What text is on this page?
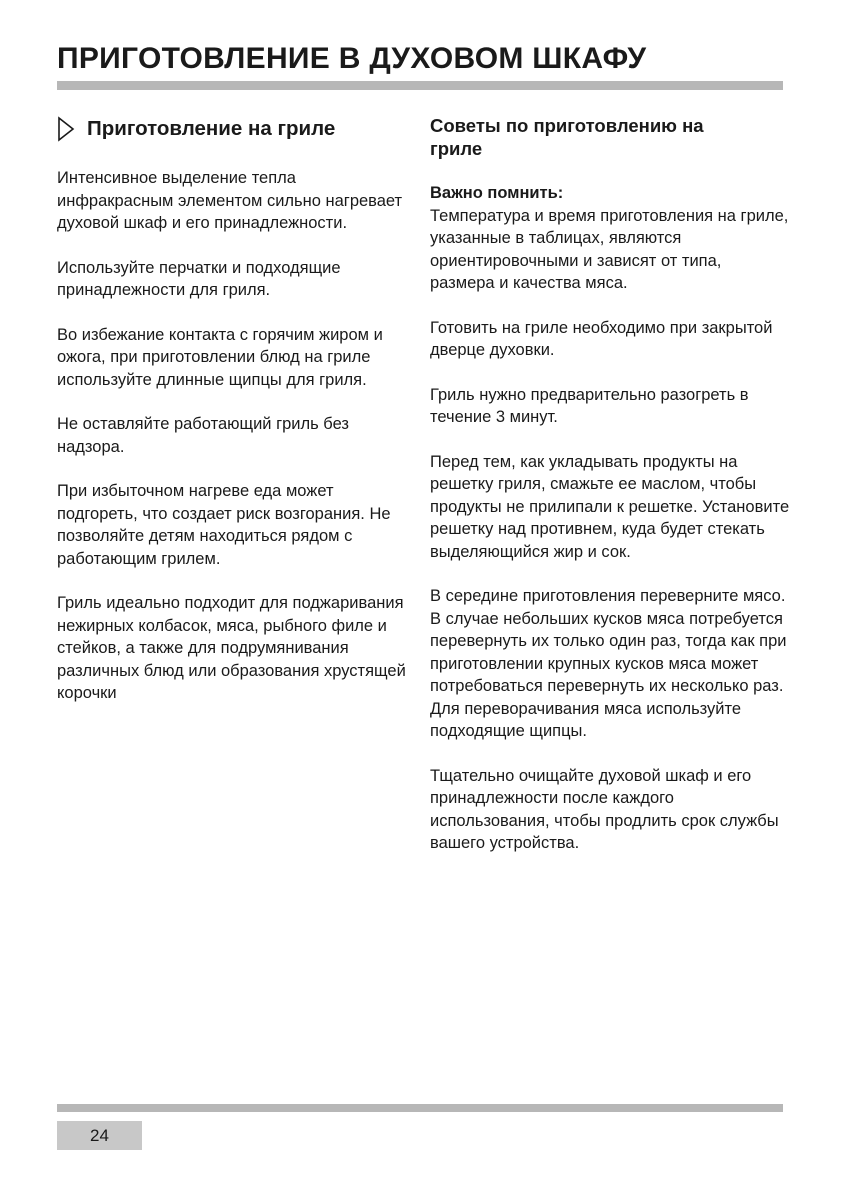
ПРИГОТОВЛЕНИЕ В ДУХОВОМ ШКАФУ
Приготовление на гриле

Интенсивное выделение тепла инфракрасным элементом сильно нагревает духовой шкаф и его принадлежности.

Используйте перчатки и подходящие принадлежности для гриля.

Во избежание контакта с горячим жиром и ожога, при приготовлении блюд на гриле используйте длинные щипцы для гриля.

Не оставляйте работающий гриль без надзора.

При избыточном нагреве еда может подгореть, что создает риск возгорания. Не позволяйте детям находиться рядом с работающим грилем.

Гриль идеально подходит для поджаривания нежирных колбасок, мяса, рыбного филе и стейков, а также для подрумянивания различных блюд или образования хрустящей корочки

Советы по приготовлению на гриле

Важно помнить:
Температура и время приготовления на гриле, указанные в таблицах, являются ориентировочными и зависят от типа, размера и качества мяса.

Готовить на гриле необходимо при закрытой дверце духовки.

Гриль нужно предварительно разогреть в течение 3 минут.

Перед тем, как укладывать продукты на решетку гриля, смажьте ее маслом, чтобы продукты не прилипали к решетке. Установите решетку над противнем, куда будет стекать выделяющийся жир и сок.

В середине приготовления переверните мясо. В случае небольших кусков мяса потребуется перевернуть их только один раз, тогда как при приготовлении крупных кусков мяса может потребоваться перевернуть их несколько раз. Для переворачивания мяса используйте подходящие щипцы.

Тщательно очищайте духовой шкаф и его принадлежности после каждого использования, чтобы продлить срок службы вашего устройства.

24
